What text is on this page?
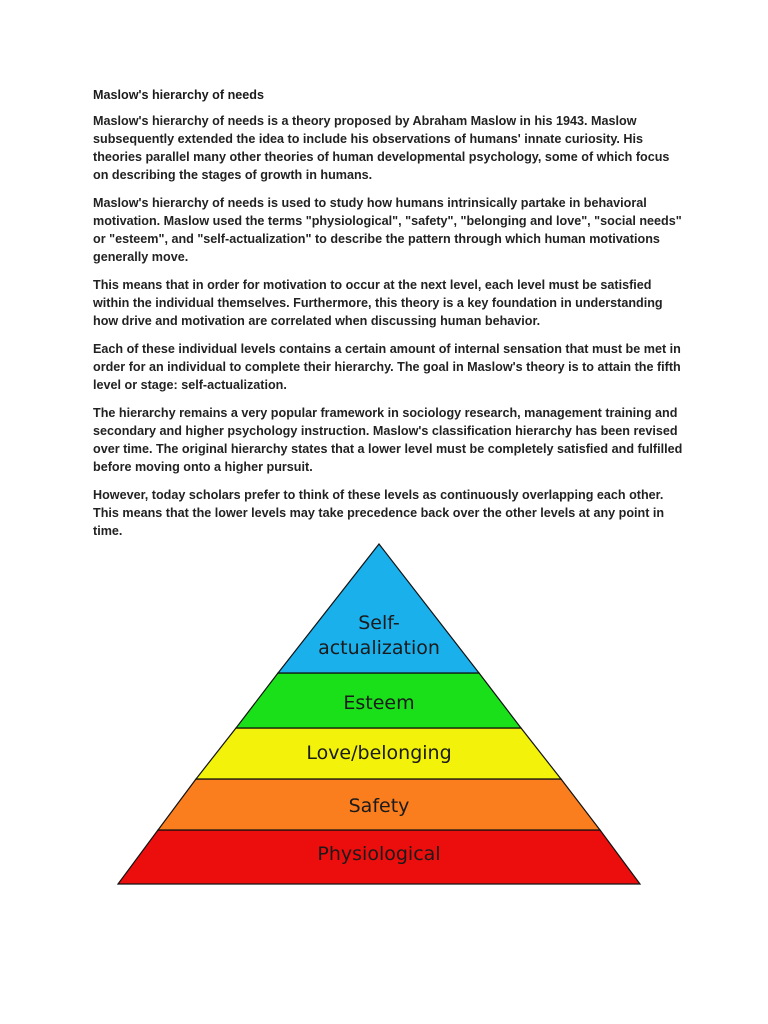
Maslow's hierarchy of needs

Maslow's hierarchy of needs is a theory proposed by Abraham Maslow in his 1943. Maslow subsequently extended the idea to include his observations of humans' innate curiosity. His theories parallel many other theories of human developmental psychology, some of which focus on describing the stages of growth in humans.

Maslow's hierarchy of needs is used to study how humans intrinsically partake in behavioral motivation. Maslow used the terms "physiological", "safety", "belonging and love", "social needs" or "esteem", and "self-actualization" to describe the pattern through which human motivations generally move.

This means that in order for motivation to occur at the next level, each level must be satisfied within the individual themselves. Furthermore, this theory is a key foundation in understanding how drive and motivation are correlated when discussing human behavior.

Each of these individual levels contains a certain amount of internal sensation that must be met in order for an individual to complete their hierarchy. The goal in Maslow's theory is to attain the fifth level or stage: self-actualization.

The hierarchy remains a very popular framework in sociology research, management training and secondary and higher psychology instruction. Maslow's classification hierarchy has been revised over time. The original hierarchy states that a lower level must be completely satisfied and fulfilled before moving onto a higher pursuit.

However, today scholars prefer to think of these levels as continuously overlapping each other. This means that the lower levels may take precedence back over the other levels at any point in time.

Self-
actualization
Esteem
Love/belonging
Safety
Physiological
